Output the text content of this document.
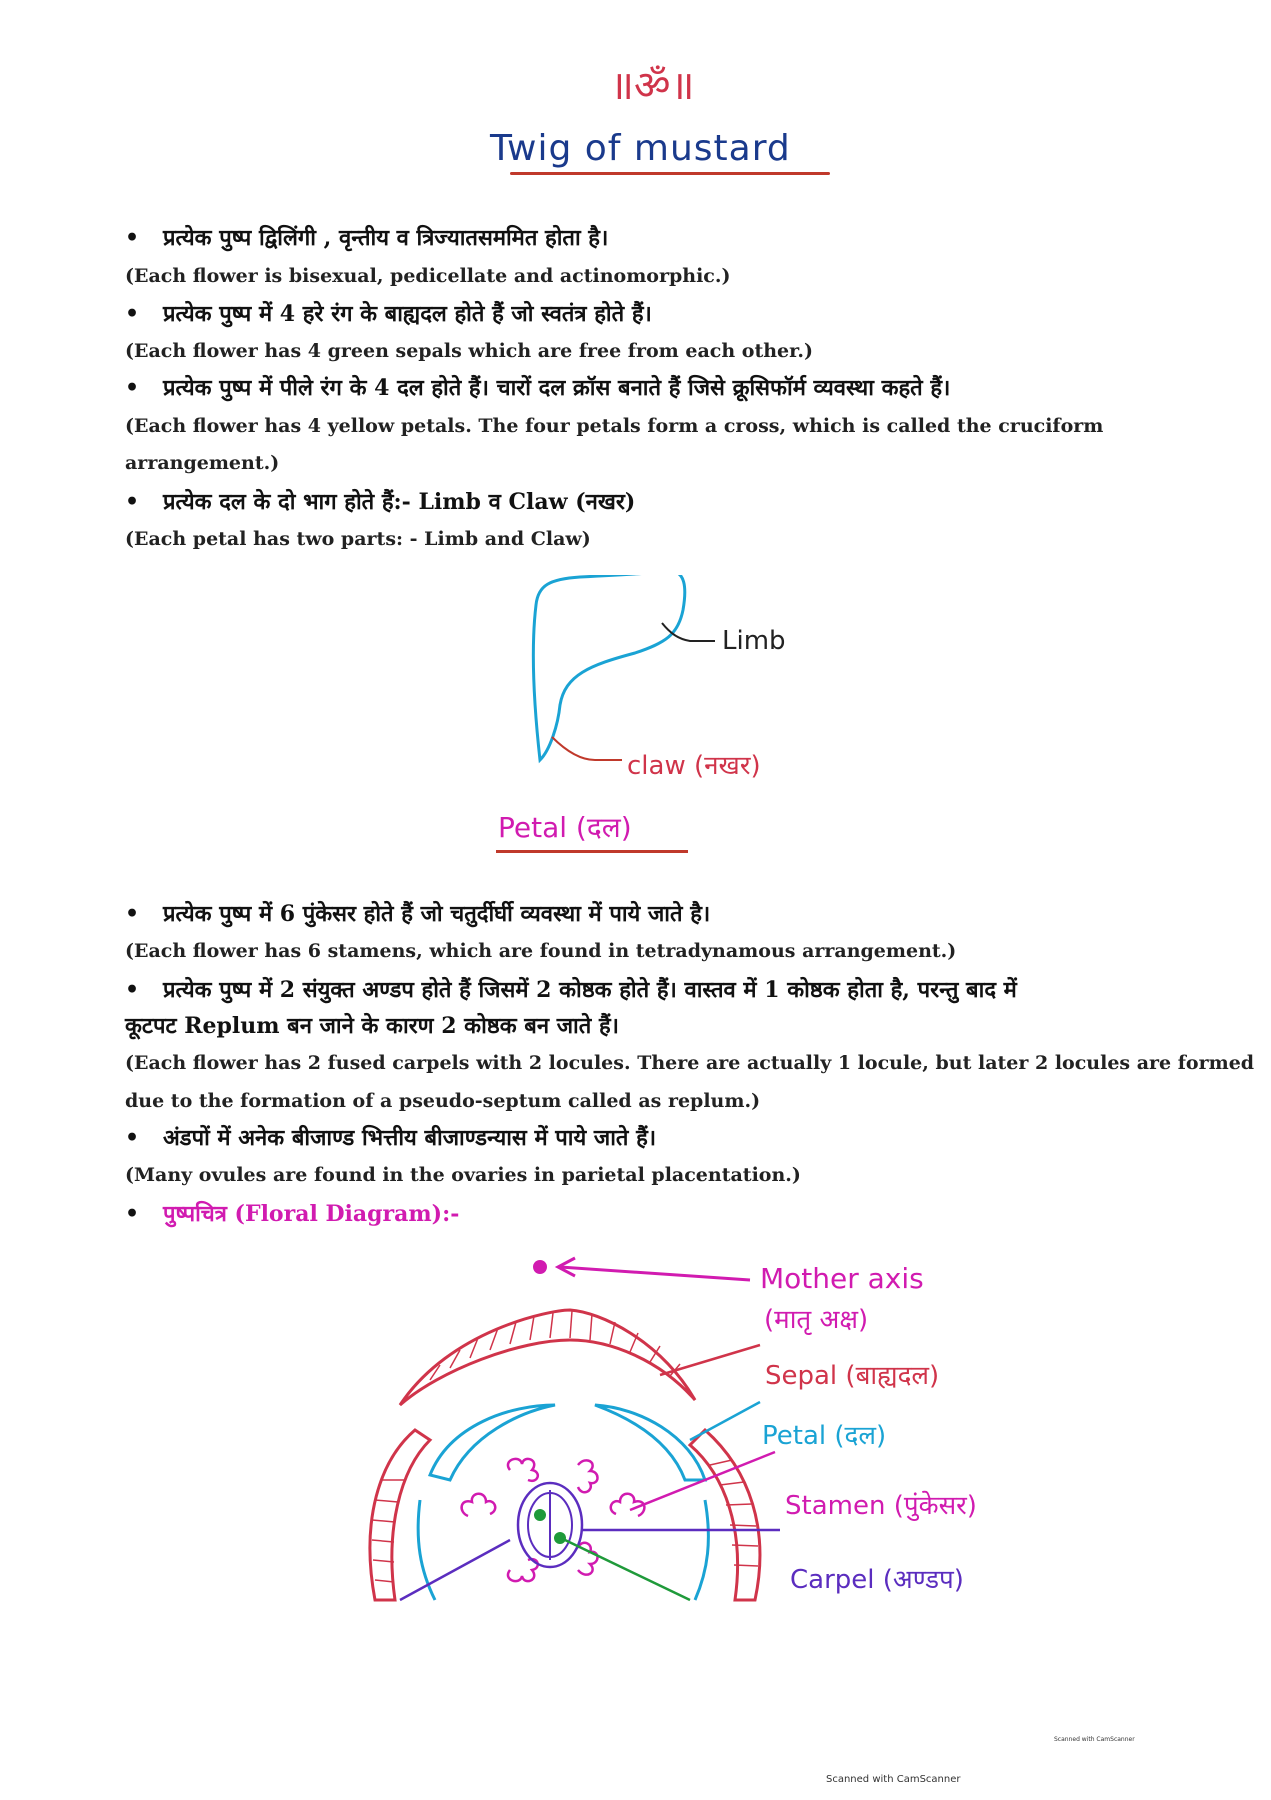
॥ॐ॥
Twig of mustard
• प्रत्येक पुष्प द्विलिंगी , वृन्तीय व त्रिज्यातसममित होता है।
(Each flower is bisexual, pedicellate and actinomorphic.)
• प्रत्येक पुष्प में 4 हरे रंग के बाह्यदल होते हैं जो स्वतंत्र होते हैं।
(Each flower has 4 green sepals which are free from each other.)
• प्रत्येक पुष्प में पीले रंग के 4 दल होते हैं। चारों दल क्रॉस बनाते हैं जिसे क्रूसिफॉर्म व्यवस्था कहते हैं।
(Each flower has 4 yellow petals. The four petals form a cross, which is called the cruciform
arrangement.)
• प्रत्येक दल के दो भाग होते हैं:- Limb व Claw (नखर)
(Each petal has two parts: - Limb and Claw)
Limb
claw (नखर)
Petal (दल)
• प्रत्येक पुष्प में 6 पुंकेसर होते हैं जो चतुर्दीर्घी व्यवस्था में पाये जाते है।
(Each flower has 6 stamens, which are found in tetradynamous arrangement.)
• प्रत्येक पुष्प में 2 संयुक्त अण्डप होते हैं जिसमें 2 कोष्ठक होते हैं। वास्तव में 1 कोष्ठक होता है, परन्तु बाद में
कूटपट Replum बन जाने के कारण 2 कोष्ठक बन जाते हैं।
(Each flower has 2 fused carpels with 2 locules. There are actually 1 locule, but later 2 locules are formed
due to the formation of a pseudo-septum called as replum.)
• अंडपों में अनेक बीजाण्ड भित्तीय बीजाण्डन्यास में पाये जाते हैं।
(Many ovules are found in the ovaries in parietal placentation.)
• पुष्पचित्र (Floral Diagram):-
Mother axis
(मातृ अक्ष)
Sepal (बाह्यदल)
Petal (दल)
Stamen (पुंकेसर)
Carpel (अण्डप)
Scanned with CamScanner
Scanned with CamScanner
